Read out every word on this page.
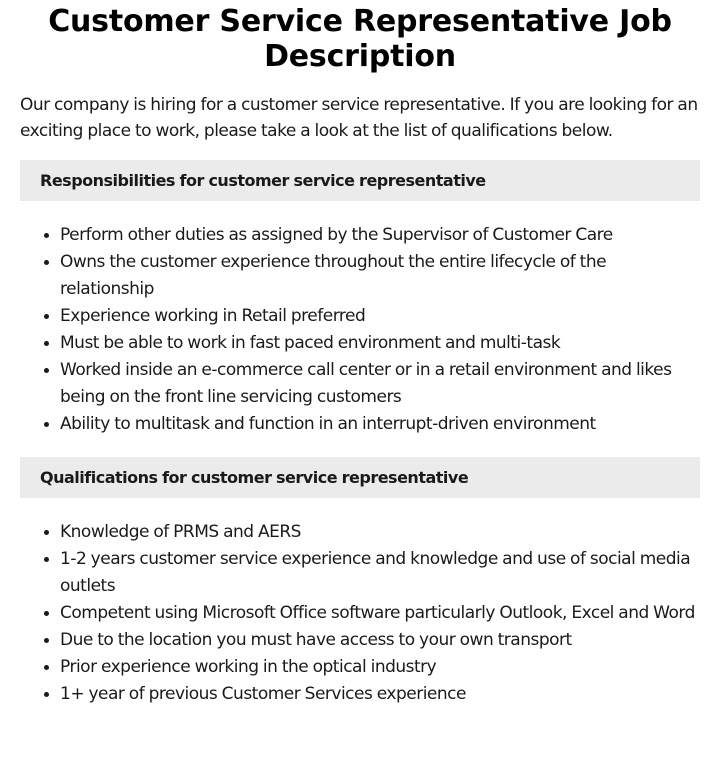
Customer Service Representative Job Description

Our company is hiring for a customer service representative. If you are looking for an exciting place to work, please take a look at the list of qualifications below.

Responsibilities for customer service representative
• Perform other duties as assigned by the Supervisor of Customer Care
• Owns the customer experience throughout the entire lifecycle of the relationship
• Experience working in Retail preferred
• Must be able to work in fast paced environment and multi-task
• Worked inside an e-commerce call center or in a retail environment and likes being on the front line servicing customers
• Ability to multitask and function in an interrupt-driven environment
Qualifications for customer service representative
• Knowledge of PRMS and AERS
• 1-2 years customer service experience and knowledge and use of social media outlets
• Competent using Microsoft Office software particularly Outlook, Excel and Word
• Due to the location you must have access to your own transport
• Prior experience working in the optical industry
• 1+ year of previous Customer Services experience
